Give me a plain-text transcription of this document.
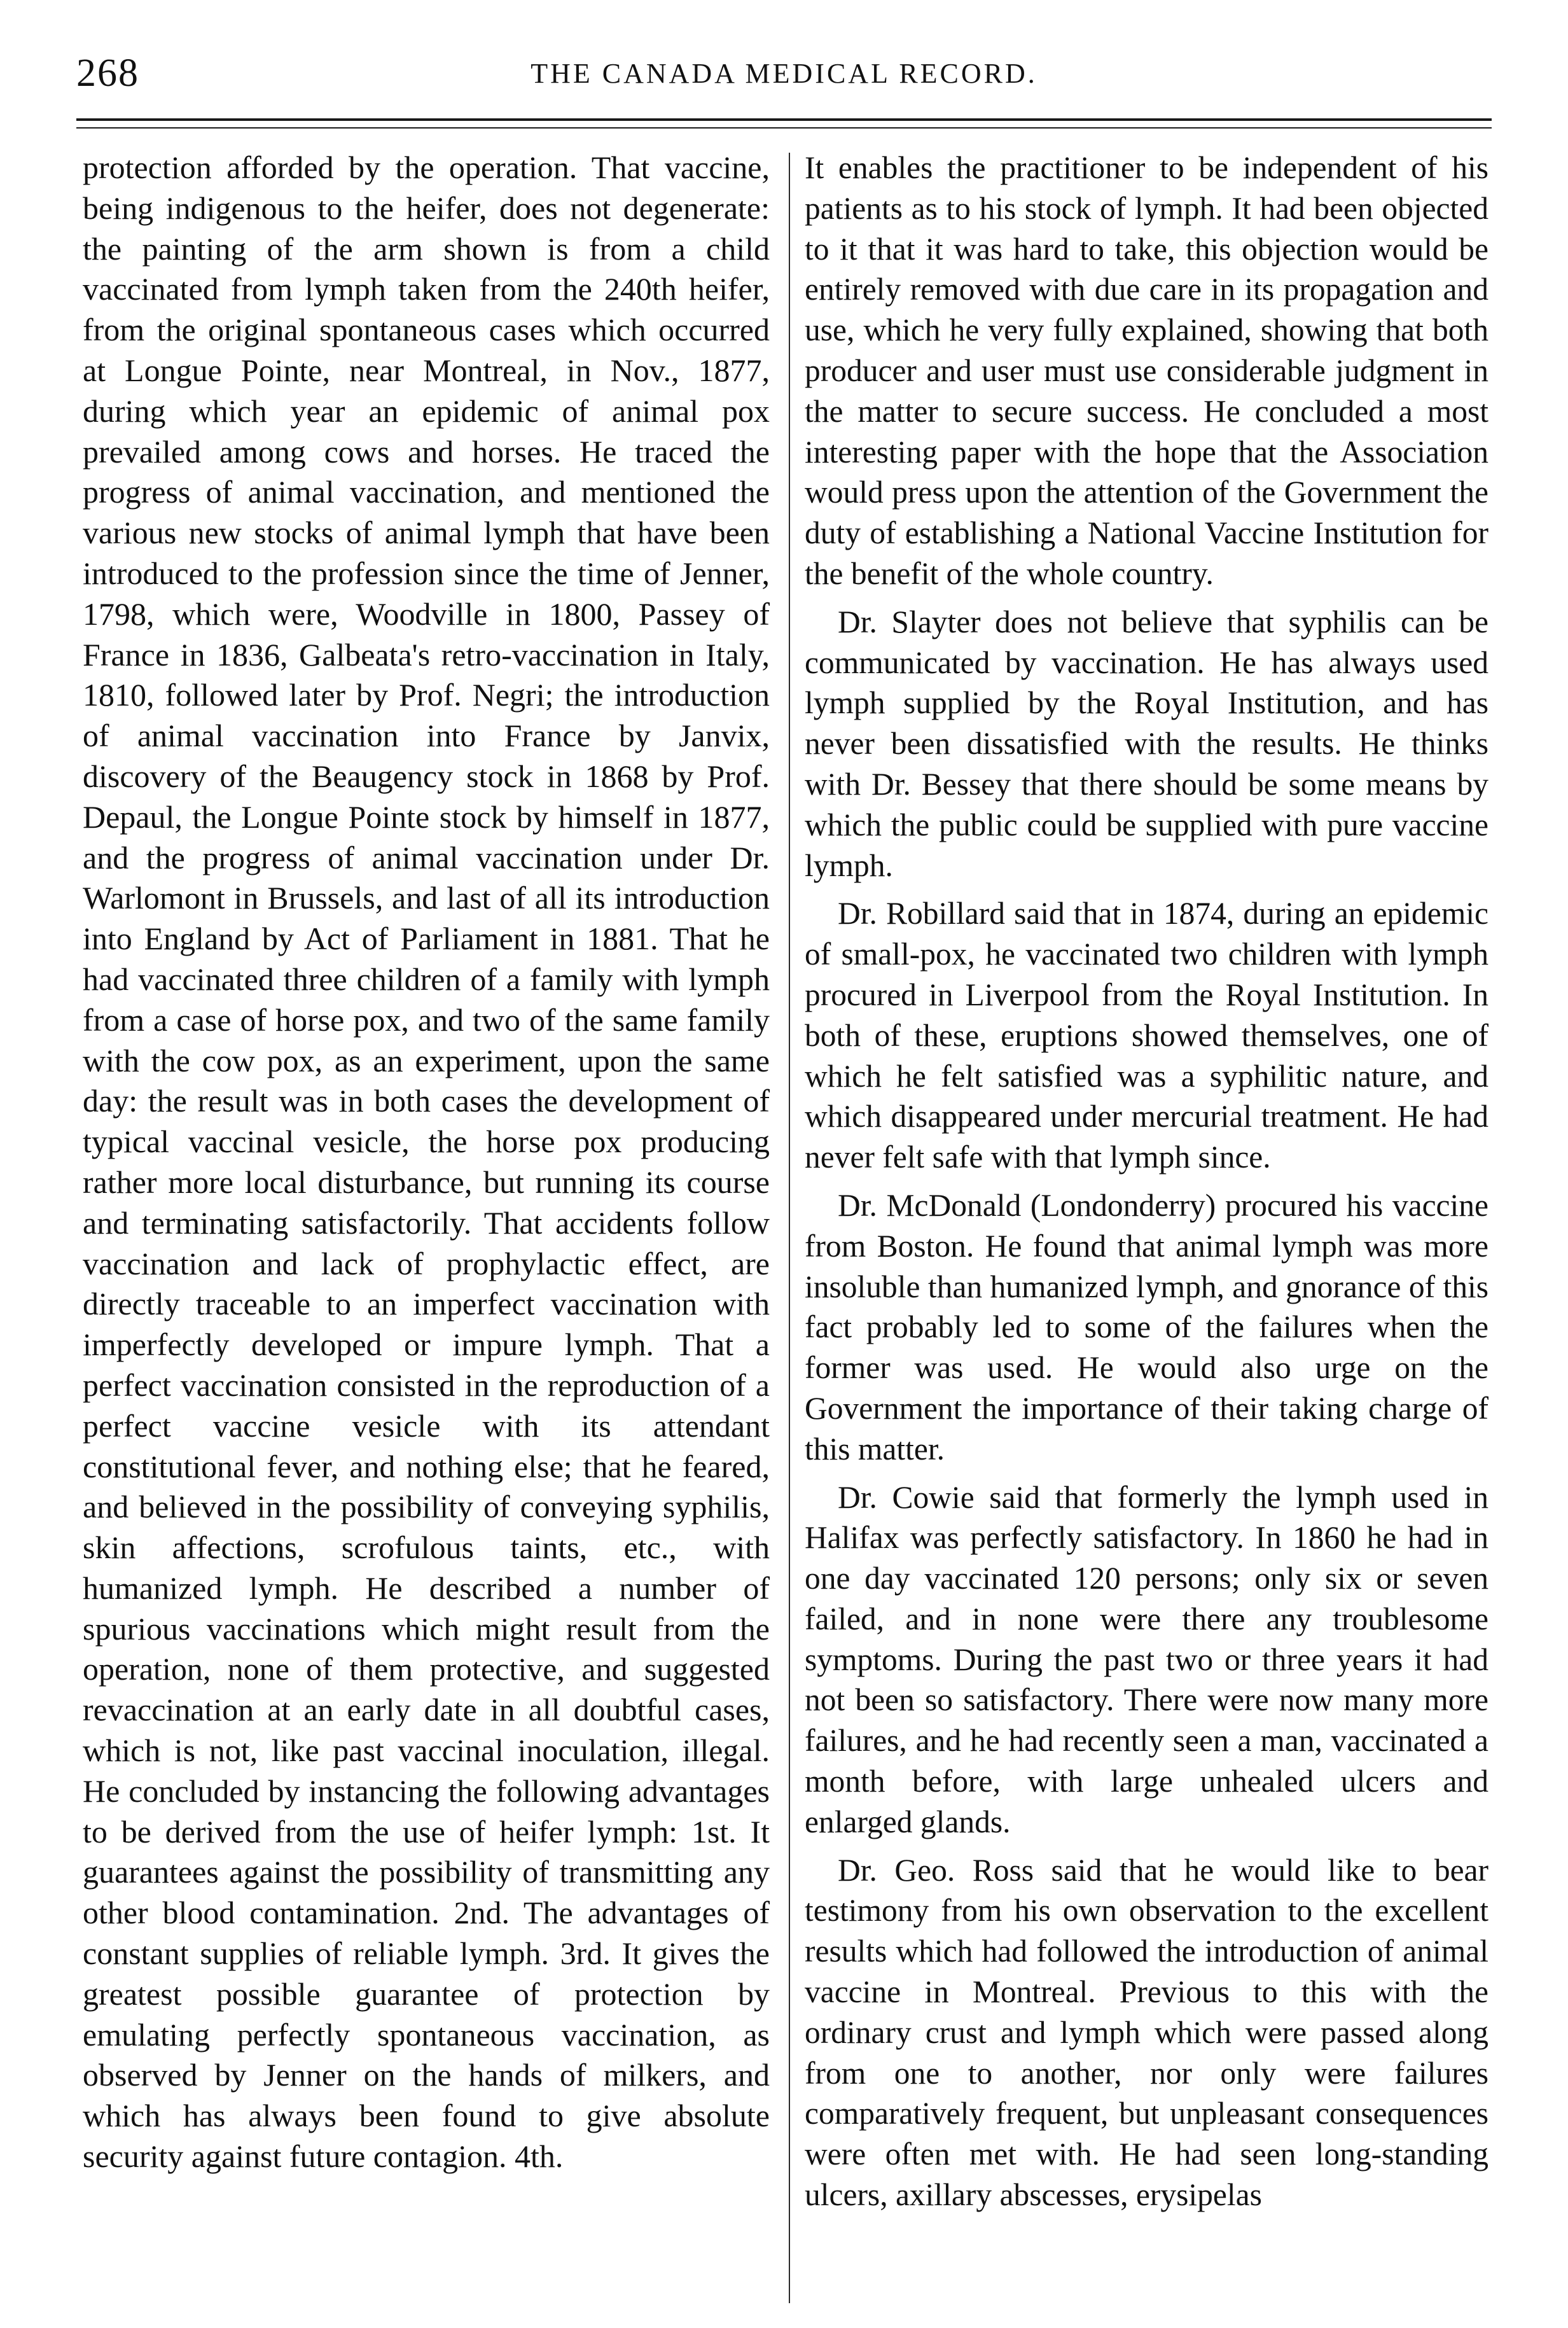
268	THE CANADA MEDICAL RECORD.

protection afforded by the operation. That vaccine, being indigenous to the heifer, does not degenerate: the painting of the arm shown is from a child vaccinated from lymph taken from the 240th heifer, from the original spontaneous cases which occurred at Longue Pointe, near Montreal, in Nov., 1877, during which year an epidemic of animal pox prevailed among cows and horses. He traced the progress of animal vaccination, and mentioned the various new stocks of animal lymph that have been introduced to the profession since the time of Jenner, 1798, which were, Woodville in 1800, Passey of France in 1836, Galbeata's retro-vaccination in Italy, 1810, followed later by Prof. Negri; the introduction of animal vaccination into France by Janvix, discovery of the Beaugency stock in 1868 by Prof. Depaul, the Longue Pointe stock by himself in 1877, and the progress of animal vaccination under Dr. Warlomont in Brussels, and last of all its introduction into England by Act of Parliament in 1881. That he had vaccinated three children of a family with lymph from a case of horse pox, and two of the same family with the cow pox, as an experiment, upon the same day: the result was in both cases the development of typical vaccinal vesicle, the horse pox producing rather more local disturbance, but running its course and terminating satisfactorily. That accidents follow vaccination and lack of prophylactic effect, are directly traceable to an imperfect vaccination with imperfectly developed or impure lymph. That a perfect vaccination consisted in the reproduction of a perfect vaccine vesicle with its attendant constitutional fever, and nothing else; that he feared, and believed in the possibility of conveying syphilis, skin affections, scrofulous taints, etc., with humanized lymph. He described a number of spurious vaccinations which might result from the operation, none of them protective, and suggested revaccination at an early date in all doubtful cases, which is not, like past vaccinal inoculation, illegal. He concluded by instancing the following advantages to be derived from the use of heifer lymph: 1st. It guarantees against the possibility of transmitting any other blood contamination. 2nd. The advantages of constant supplies of reliable lymph. 3rd. It gives the greatest possible guarantee of protection by emulating perfectly spontaneous vaccination, as observed by Jenner on the hands of milkers, and which has always been found to give absolute security against future contagion. 4th.

It enables the practitioner to be independent of his patients as to his stock of lymph. It had been objected to it that it was hard to take, this objection would be entirely removed with due care in its propagation and use, which he very fully explained, showing that both producer and user must use considerable judgment in the matter to secure success. He concluded a most interesting paper with the hope that the Association would press upon the attention of the Government the duty of establishing a National Vaccine Institution for the benefit of the whole country.

Dr. Slayter does not believe that syphilis can be communicated by vaccination. He has always used lymph supplied by the Royal Institution, and has never been dissatisfied with the results. He thinks with Dr. Bessey that there should be some means by which the public could be supplied with pure vaccine lymph.

Dr. Robillard said that in 1874, during an epidemic of small-pox, he vaccinated two children with lymph procured in Liverpool from the Royal Institution. In both of these, eruptions showed themselves, one of which he felt satisfied was a syphilitic nature, and which disappeared under mercurial treatment. He had never felt safe with that lymph since.

Dr. McDonald (Londonderry) procured his vaccine from Boston. He found that animal lymph was more insoluble than humanized lymph, and gnorance of this fact probably led to some of the failures when the former was used. He would also urge on the Government the importance of their taking charge of this matter.

Dr. Cowie said that formerly the lymph used in Halifax was perfectly satisfactory. In 1860 he had in one day vaccinated 120 persons; only six or seven failed, and in none were there any troublesome symptoms. During the past two or three years it had not been so satisfactory. There were now many more failures, and he had recently seen a man, vaccinated a month before, with large unhealed ulcers and enlarged glands.

Dr. Geo. Ross said that he would like to bear testimony from his own observation to the excellent results which had followed the introduction of animal vaccine in Montreal. Previous to this with the ordinary crust and lymph which were passed along from one to another, nor only were failures comparatively frequent, but unpleasant consequences were often met with. He had seen long-standing ulcers, axillary abscesses, erysipelas
